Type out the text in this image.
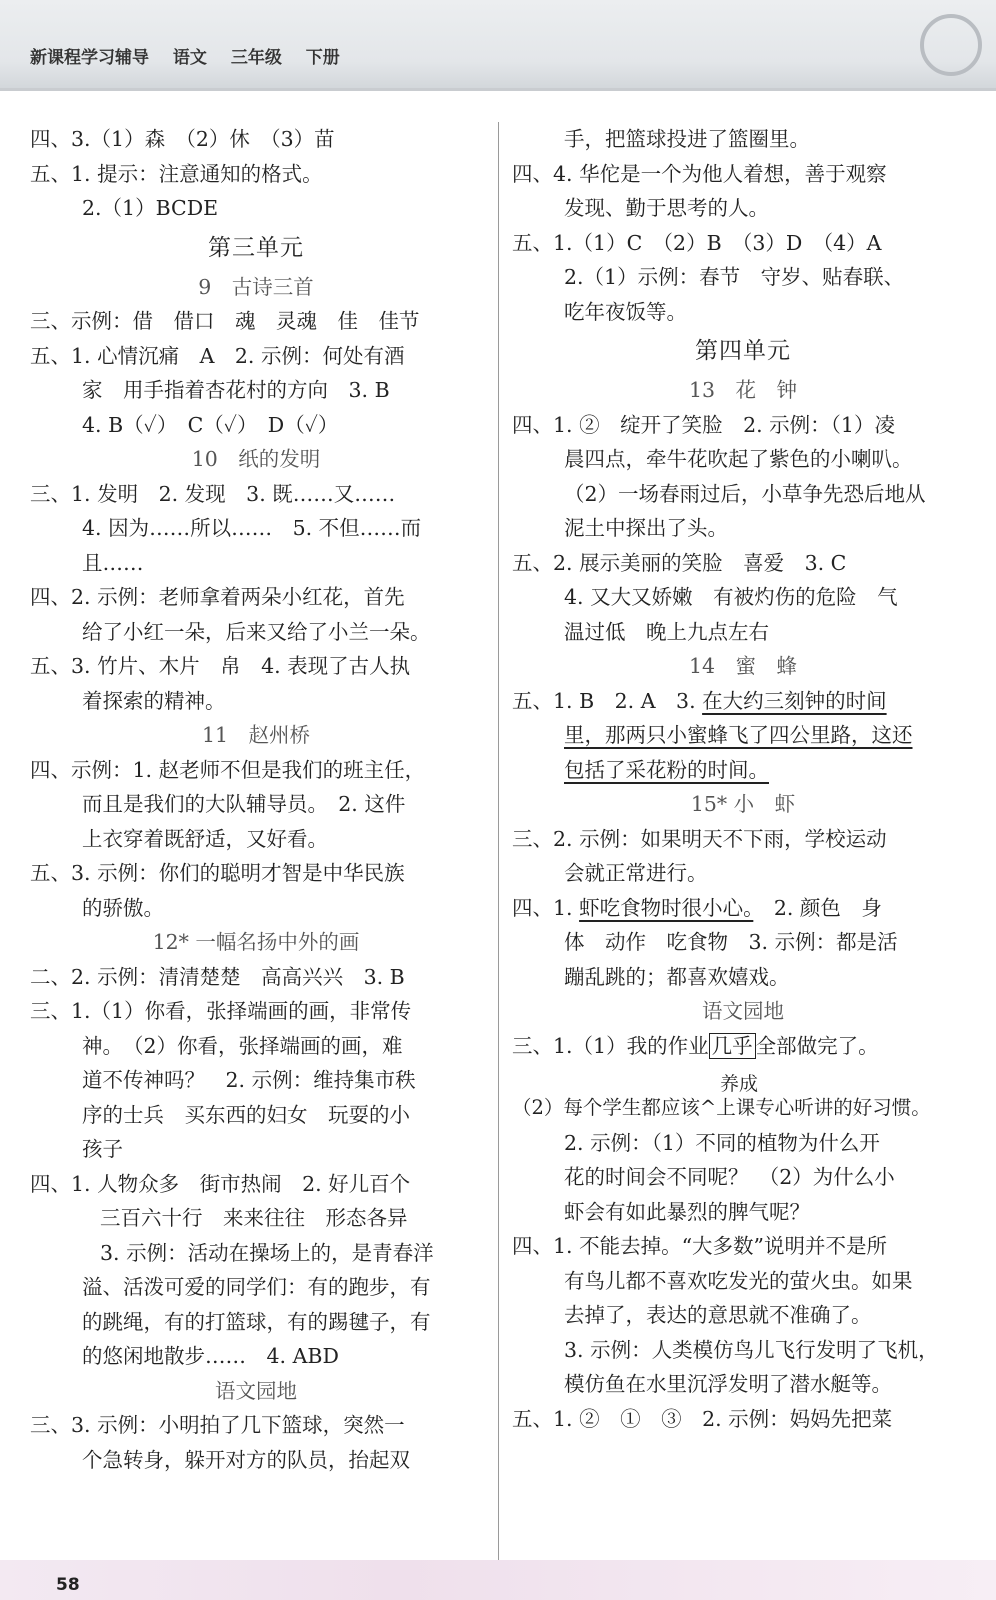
新课程学习辅导 语文 三年级 下册
四、3.（1）森　（2）休　（3）苗
五、1. 提示：注意通知的格式。
2.（1）BCDE
第三单元
9　古诗三首
三、示例：借　借口　魂　灵魂　佳　佳节
五、1. 心情沉痛　A　2. 示例：何处有酒
家　用手指着杏花村的方向　3. B
4. B（✓）　C（✓）　D（✓）
10　纸的发明
三、1. 发明　2. 发现　3. 既……又……
4. 因为……所以……　5. 不但……而
且……
四、2. 示例：老师拿着两朵小红花，首先
给了小红一朵，后来又给了小兰一朵。
五、3. 竹片、木片　帛　4. 表现了古人执
着探索的精神。
11　赵州桥
四、示例：1. 赵老师不但是我们的班主任，
而且是我们的大队辅导员。　2. 这件
上衣穿着既舒适，又好看。
五、3. 示例：你们的聪明才智是中华民族
的骄傲。
12* 一幅名扬中外的画
二、2. 示例：清清楚楚　高高兴兴　3. B
三、1.（1）你看，张择端画的画，非常传
神。　（2）你看，张择端画的画，难
道不传神吗？　2. 示例：维持集市秩
序的士兵　买东西的妇女　玩耍的小
孩子
四、1. 人物众多　街市热闹　2. 好儿百个
三百六十行　来来往往　形态各异
3. 示例：活动在操场上的，是青春洋
溢、活泼可爱的同学们：有的跑步，有
的跳绳，有的打篮球，有的踢毽子，有
的悠闲地散步……　4. ABD
语文园地
三、3. 示例：小明拍了几下篮球，突然一
个急转身，躲开对方的队员，抬起双
手，把篮球投进了篮圈里。
四、4. 华佗是一个为他人着想，善于观察
发现、勤于思考的人。
五、1.（1）C　（2）B　（3）D　（4）A
2.（1）示例：春节　守岁、贴春联、
吃年夜饭等。
第四单元
13　花　钟
四、1. ②　绽开了笑脸　2. 示例：（1）凌
晨四点，牵牛花吹起了紫色的小喇叭。
（2）一场春雨过后，小草争先恐后地从
泥土中探出了头。
五、2. 展示美丽的笑脸　喜爱　3. C
4. 又大又娇嫩　有被灼伤的危险　气
温过低　晚上九点左右
14　蜜　蜂
五、1. B　2. A　3. 在大约三刻钟的时间
里，那两只小蜜蜂飞了四公里路，这还
包括了采花粉的时间。
15* 小　虾
三、2. 示例：如果明天不下雨，学校运动
会就正常进行。
四、1. 虾吃食物时很小心。　2. 颜色　身
体　动作　吃食物　3. 示例：都是活
蹦乱跳的；都喜欢嬉戏。
语文园地
三、1.（1）我的作业 几乎 全部做完了。
养成
（2）每个学生都应该^上课专心听讲的好习惯。
2. 示例：（1）不同的植物为什么开
花的时间会不同呢？　（2）为什么小
虾会有如此暴烈的脾气呢？
四、1. 不能去掉。“大多数”说明并不是所
有鸟儿都不喜欢吃发光的萤火虫。如果
去掉了，表达的意思就不准确了。
3. 示例：人类模仿鸟儿飞行发明了飞机，
模仿鱼在水里沉浮发明了潜水艇等。
五、1. ②　①　③　2. 示例：妈妈先把菜
58
